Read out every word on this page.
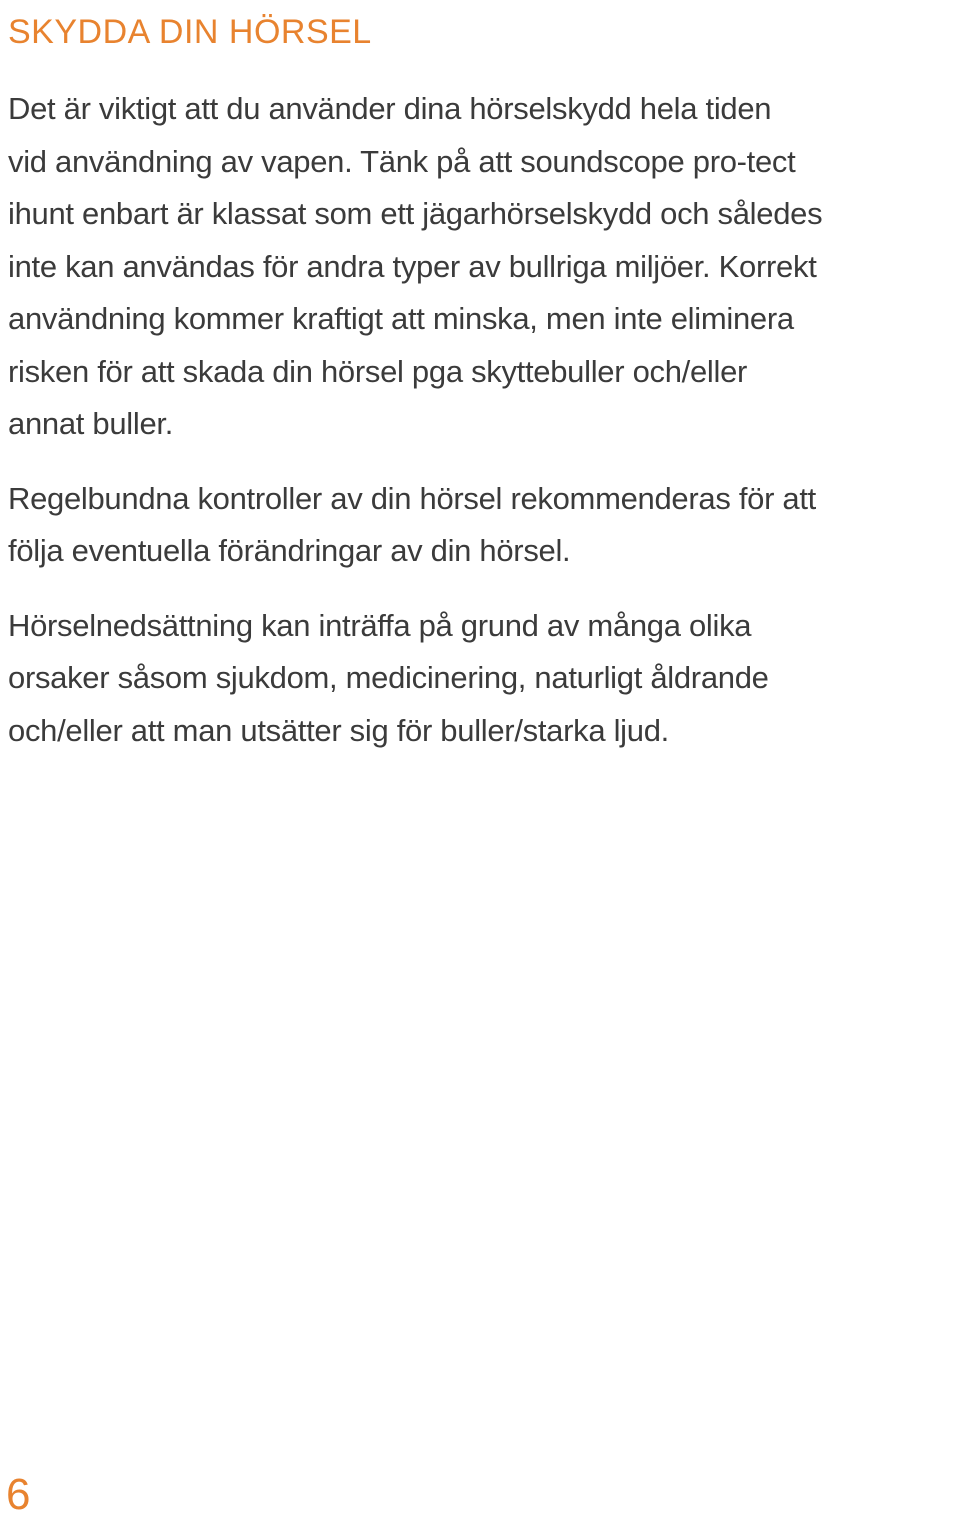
SKYDDA DIN HÖRSEL

Det är viktigt att du använder dina hörselskydd hela tiden
vid användning av vapen. Tänk på att soundscope pro-tect
ihunt enbart är klassat som ett jägarhörselskydd och således
inte kan användas för andra typer av bullriga miljöer. Korrekt
användning kommer kraftigt att minska, men inte eliminera
risken för att skada din hörsel pga skyttebuller och/eller
annat buller.

Regelbundna kontroller av din hörsel rekommenderas för att
följa eventuella förändringar av din hörsel.

Hörselnedsättning kan inträffa på grund av många olika
orsaker såsom sjukdom, medicinering, naturligt åldrande
och/eller att man utsätter sig för buller/starka ljud.

6
